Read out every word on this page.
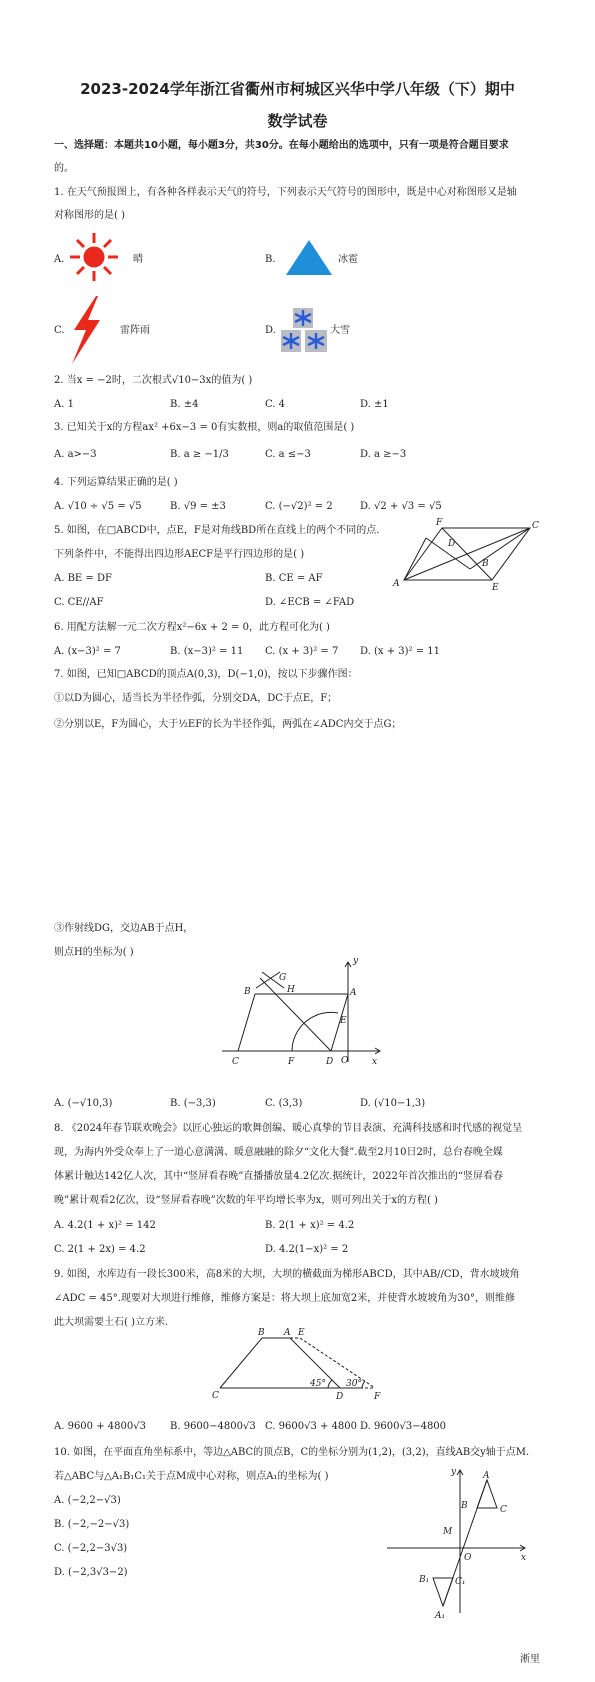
2023-2024学年浙江省衢州市柯城区兴华中学八年级（下）期中
数学试卷
一、选择题：本题共10小题，每小题3分，共30分。在每小题给出的选项中，只有一项是符合题目要求
的。
1. 在天气预报图上，有各种各样表示天气的符号，下列表示天气符号的图形中，既是中心对称图形又是轴
对称图形的是( )
A.	晴	B.	冰雹
C.	雷阵雨	D.	大雪
2. 当x = −2时，二次根式√10−3x的值为( )
A. 1	B. ±4	C. 4	D. ±1
3. 已知关于x的方程ax² +6x−3 = 0有实数根，则a的取值范围是( )
A. a>−3	B. a ≥ −1/3	C. a ≤−3	D. a ≥−3
4. 下列运算结果正确的是( )
A. √10 ÷ √5 = √5	B. √9 = ±3	C. (−√2)² = 2	D. √2 + √3 = √5
5. 如图，在□ABCD中，点E，F是对角线BD所在直线上的两个不同的点.
下列条件中，不能得出四边形AECF是平行四边形的是( )
A. BE = DF	B. CE = AF
C. CE//AF	D. ∠ECB = ∠FAD
F	C
D
B
A	E
6. 用配方法解一元二次方程x²−6x + 2 = 0，此方程可化为( )
A. (x−3)² = 7	B. (x−3)² = 11 C. (x + 3)² = 7 D. (x + 3)² = 11
7. 如图，已知□ABCD的顶点A(0,3)，D(−1,0)，按以下步骤作图：
①以D为圆心，适当长为半径作弧，分别交DA，DC于点E，F；
②分别以E，F为圆心，大于½EF的长为半径作弧，两弧在∠ADC内交于点G；
③作射线DG，交边AB于点H，
则点H的坐标为( )
y
G
B	H	A
E
C	F	D O	x
A. (−√10,3)	B. (−3,3)	C. (3,3)	D. (√10−1,3)
8. 《2024年春节联欢晚会》以匠心独运的歌舞创编、暖心真挚的节目表演、充满科技感和时代感的视觉呈
现，为海内外受众奉上了一道心意满满、暖意融融的除夕“文化大餐”.截至2月10日2时，总台春晚全媒
体累计触达142亿人次，其中“竖屏看春晚”直播播放量4.2亿次.据统计，2022年首次推出的“竖屏看春
晚”累计观看2亿次，设“竖屏看春晚”次数的年平均增长率为x，则可列出关于x的方程( )
A. 4.2(1 + x)² = 142	B. 2(1 + x)² = 4.2
C. 2(1 + 2x) = 4.2	D. 4.2(1−x)² = 2
9. 如图，水库边有一段长300米，高8米的大坝，大坝的横截面为梯形ABCD，其中AB//CD，背水坡坡角
∠ADC = 45°.现要对大坝进行维修，维修方案是：将大坝上底加宽2米，并使背水坡坡角为30°，则维修
此大坝需要土石( )立方米.
B A E
C	D	F
45° 30°
A. 9600 + 4800√3 B. 9600−4800√3 C. 9600√3 + 4800 D. 9600√3−4800
10. 如图，在平面直角坐标系中，等边△ABC的顶点B，C的坐标分别为(1,2)，(3,2)，直线AB交y轴于点M.
若△ABC与△A₁B₁C₁关于点M成中心对称，则点A₁的坐标为( )
A. (−2,2−√3)
B. (−2,−2−√3)
C. (−2,2−3√3)
D. (−2,3√3−2)
y	A
B	C
M
O	x
B₁	C₁
A₁
淅里
